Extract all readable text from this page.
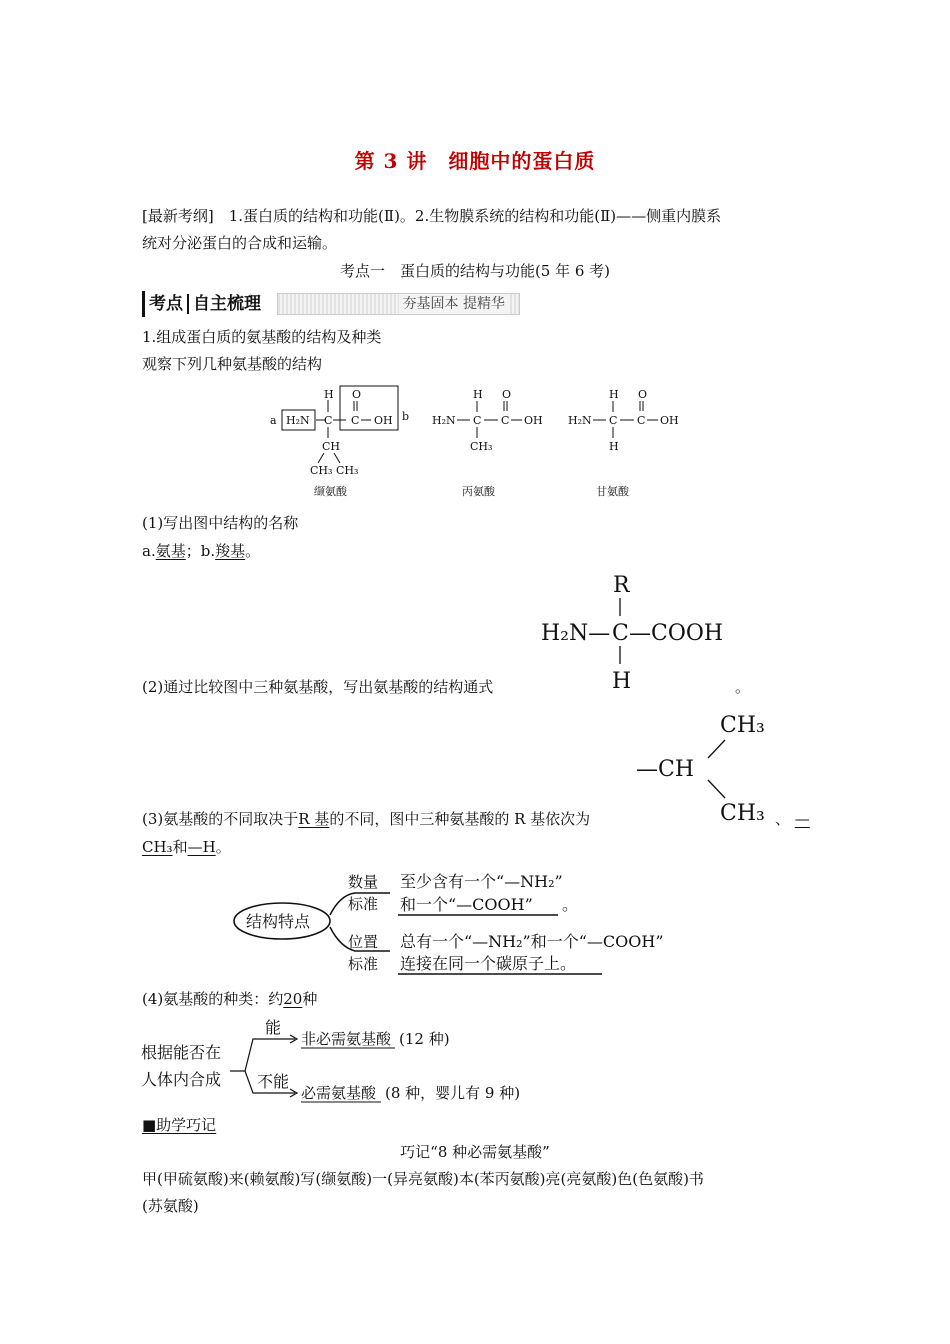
第 3 讲　细胞中的蛋白质
[最新考纲]　1.蛋白质的结构和功能(Ⅱ)。2.生物膜系统的结构和功能(Ⅱ)——侧重内膜系
统对分泌蛋白的合成和运输。
考点一　蛋白质的结构与功能(5 年 6 考)
考点 自主梳理	夯基固本 提精华
1.组成蛋白质的氨基酸的结构及种类
观察下列几种氨基酸的结构
a H₂N
H
C
O
C OH b
CH
CH₃ CH₃
缬氨酸
H₂N
H
C
CH₃
O
C OH
丙氨酸
H₂N
H
C
H
O
C OH
甘氨酸
(1)写出图中结构的名称
a.氨基；b.羧基。
R
H₂N— C —COOH
H
(2)通过比较图中三种氨基酸，写出氨基酸的结构通式	。
CH₃
—CH
CH₃
(3)氨基酸的不同取决于R 基的不同，图中三种氨基酸的 R 基依次为	、 —
CH₃和—H。
结构特点
数量
标准
至少含有一个“—NH₂”
和一个“—COOH” 。
位置
标准
总有一个“—NH₂”和一个“—COOH”
连接在同一个碳原子上。
(4)氨基酸的种类：约20种
根据能否在
人体内合成
能
不能
非必需氨基酸 (12 种)
必需氨基酸 (8 种，婴儿有 9 种)
■助学巧记
巧记“8 种必需氨基酸”
甲(甲硫氨酸)来(赖氨酸)写(缬氨酸)一(异亮氨酸)本(苯丙氨酸)亮(亮氨酸)色(色氨酸)书
(苏氨酸)
